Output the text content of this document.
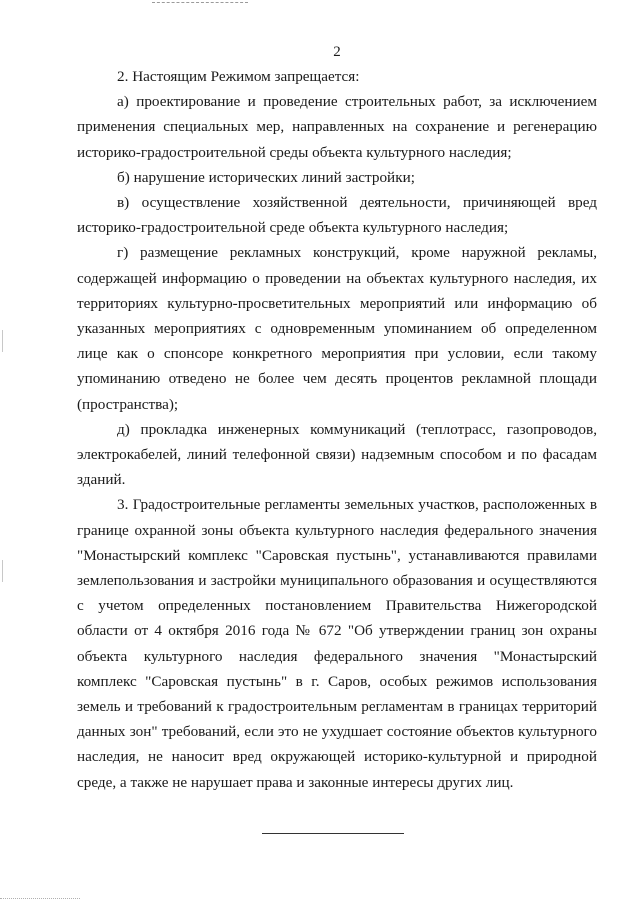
2

2. Настоящим Режимом запрещается:

а) проектирование и проведение строительных работ, за исключением применения специальных мер, направленных на сохранение и регенерацию историко-градостроительной среды объекта культурного наследия;

б) нарушение исторических линий застройки;

в) осуществление хозяйственной деятельности, причиняющей вред историко-градостроительной среде объекта культурного наследия;

г) размещение рекламных конструкций, кроме наружной рекламы, содержащей информацию о проведении на объектах культурного наследия, их территориях культурно-просветительных мероприятий или информацию об указанных мероприятиях с одновременным упоминанием об определенном лице как о спонсоре конкретного мероприятия при условии, если такому упоминанию отведено не более чем десять процентов рекламной площади (пространства);

д) прокладка инженерных коммуникаций (теплотрасс, газопроводов, электрокабелей, линий телефонной связи) надземным способом и по фасадам зданий.

3. Градостроительные регламенты земельных участков, расположенных в границе охранной зоны объекта культурного наследия федерального значения "Монастырский комплекс "Саровская пустынь", устанавливаются правилами землепользования и застройки муниципального образования и осуществляются с учетом определенных постановлением Правительства Нижегородской области от 4 октября 2016 года № 672 "Об утверждении границ зон охраны объекта культурного наследия федерального значения "Монастырский комплекс "Саровская пустынь" в г. Саров, особых режимов использования земель и требований к градостроительным регламентам в границах территорий данных зон" требований, если это не ухудшает состояние объектов культурного наследия, не наносит вред окружающей историко-культурной и природной среде, а также не нарушает права и законные интересы других лиц.
